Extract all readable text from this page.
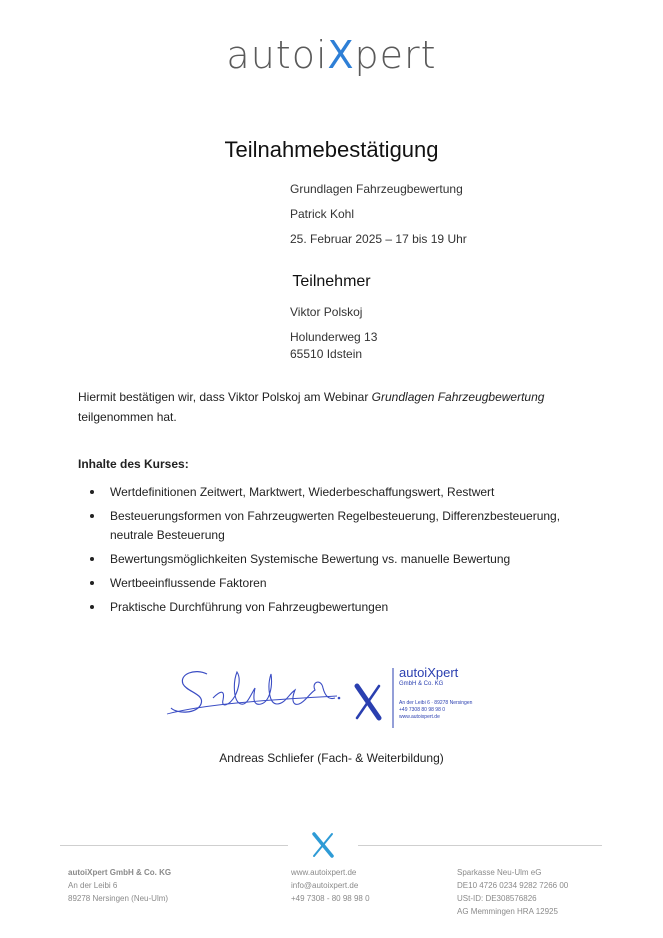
autoiXpert
Teilnahmebestätigung
Grundlagen Fahrzeugbewertung
Patrick Kohl
25. Februar 2025 – 17 bis 19 Uhr
Teilnehmer
Viktor Polskoj
Holunderweg 13
65510 Idstein
Hiermit bestätigen wir, dass Viktor Polskoj am Webinar Grundlagen Fahrzeugbewertung
teilgenommen hat.
Inhalte des Kurses:
Wertdefinitionen Zeitwert, Marktwert, Wiederbeschaffungswert, Restwert
Besteuerungsformen von Fahrzeugwerten Regelbesteuerung, Differenzbesteuerung, neutrale Besteuerung
Bewertungsmöglichkeiten Systemische Bewertung vs. manuelle Bewertung
Wertbeeinflussende Faktoren
Praktische Durchführung von Fahrzeugbewertungen
autoiXpert
GmbH & Co. KG
An der Leibi 6 · 89278 Nersingen
+49 7308 80 98 98 0
www.autoixpert.de
Andreas Schliefer (Fach- & Weiterbildung)
autoiXpert GmbH & Co. KG
An der Leibi 6
89278 Nersingen (Neu-Ulm)
www.autoixpert.de
info@autoixpert.de
+49 7308 - 80 98 98 0
Sparkasse Neu-Ulm eG
DE10 4726 0234 9282 7266 00
USt-ID: DE308576826
AG Memmingen HRA 12925
